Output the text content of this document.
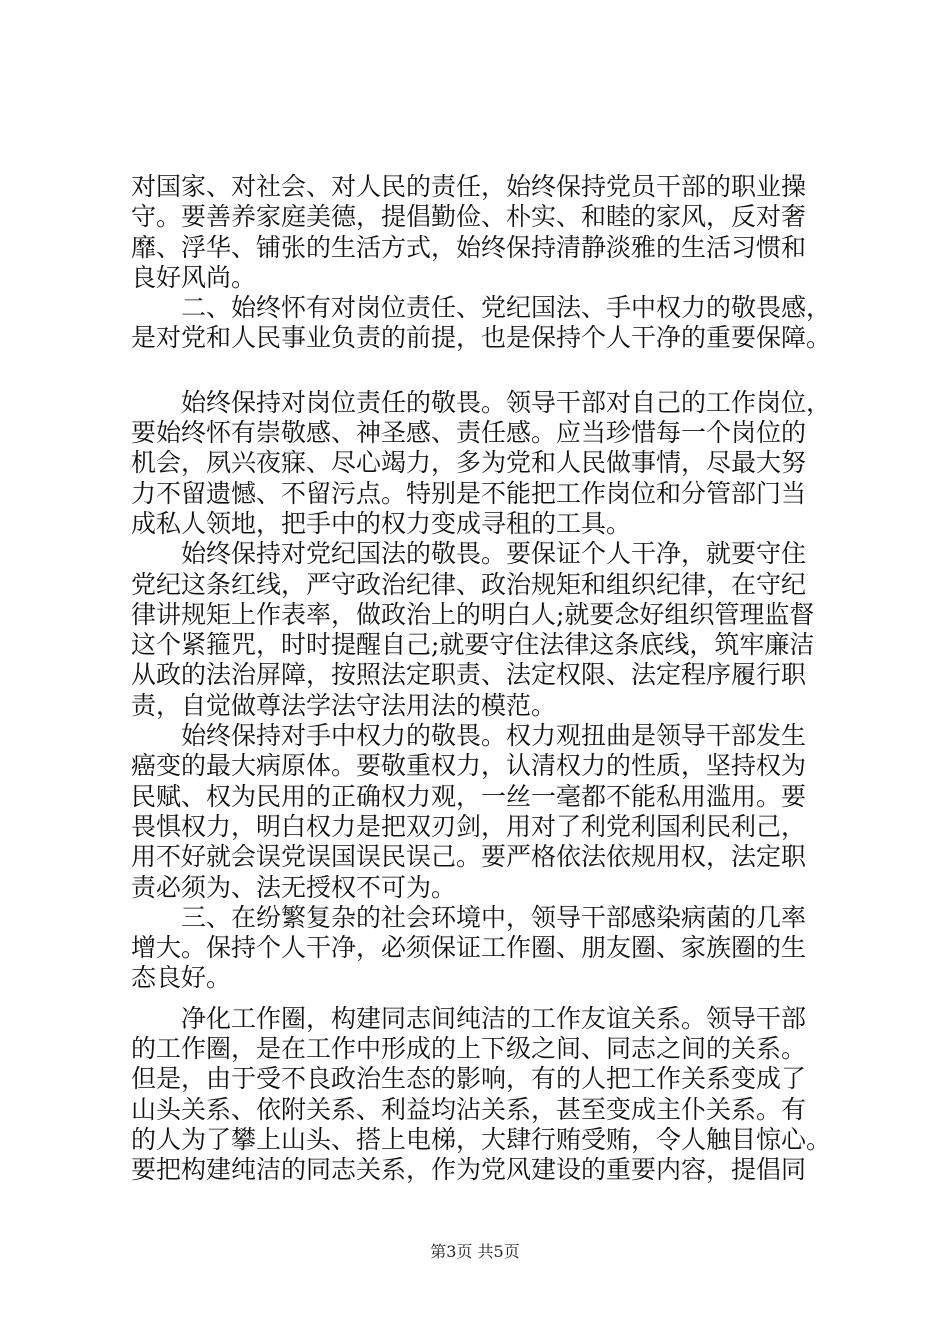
对国家、对社会、对人民的责任，始终保持党员干部的职业操
守。要善养家庭美德，提倡勤俭、朴实、和睦的家风，反对奢
靡、浮华、铺张的生活方式，始终保持清静淡雅的生活习惯和
良好风尚。
　　二、始终怀有对岗位责任、党纪国法、手中权力的敬畏感，
是对党和人民事业负责的前提，也是保持个人干净的重要保障。
　　始终保持对岗位责任的敬畏。领导干部对自己的工作岗位，
要始终怀有崇敬感、神圣感、责任感。应当珍惜每一个岗位的
机会，夙兴夜寐、尽心竭力，多为党和人民做事情，尽最大努
力不留遗憾、不留污点。特别是不能把工作岗位和分管部门当
成私人领地，把手中的权力变成寻租的工具。
　　始终保持对党纪国法的敬畏。要保证个人干净，就要守住
党纪这条红线，严守政治纪律、政治规矩和组织纪律，在守纪
律讲规矩上作表率，做政治上的明白人;就要念好组织管理监督
这个紧箍咒，时时提醒自己;就要守住法律这条底线，筑牢廉洁
从政的法治屏障，按照法定职责、法定权限、法定程序履行职
责，自觉做尊法学法守法用法的模范。
　　始终保持对手中权力的敬畏。权力观扭曲是领导干部发生
癌变的最大病原体。要敬重权力，认清权力的性质，坚持权为
民赋、权为民用的正确权力观，一丝一毫都不能私用滥用。要
畏惧权力，明白权力是把双刃剑，用对了利党利国利民利己，
用不好就会误党误国误民误己。要严格依法依规用权，法定职
责必须为、法无授权不可为。
　　三、在纷繁复杂的社会环境中，领导干部感染病菌的几率
增大。保持个人干净，必须保证工作圈、朋友圈、家族圈的生
态良好。
　　净化工作圈，构建同志间纯洁的工作友谊关系。领导干部
的工作圈，是在工作中形成的上下级之间、同志之间的关系。
但是，由于受不良政治生态的影响，有的人把工作关系变成了
山头关系、依附关系、利益均沾关系，甚至变成主仆关系。有
的人为了攀上山头、搭上电梯，大肆行贿受贿，令人触目惊心。
要把构建纯洁的同志关系，作为党风建设的重要内容，提倡同
第3页 共5页
